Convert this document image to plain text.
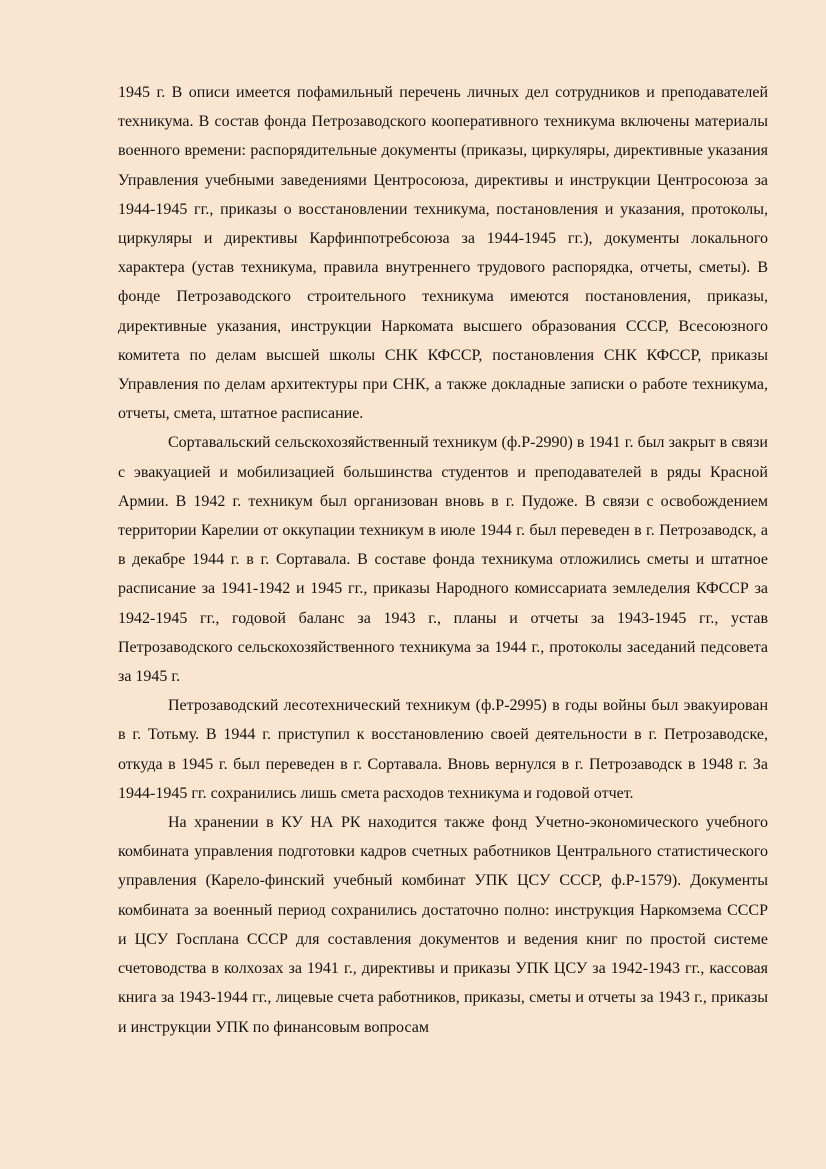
1945 г. В описи имеется пофамильный перечень личных дел сотрудников и преподавателей техникума. В состав фонда Петрозаводского кооперативного техникума включены материалы военного времени: распорядительные документы (приказы, циркуляры, директивные указания Управления учебными заведениями Центросоюза, директивы и инструкции Центросоюза за 1944-1945 гг., приказы о восстановлении техникума, постановления и указания, протоколы, циркуляры и директивы Карфинпотребсоюза за 1944-1945 гг.), документы локального характера (устав техникума, правила внутреннего трудового распорядка, отчеты, сметы). В фонде Петрозаводского строительного техникума имеются постановления, приказы, директивные указания, инструкции Наркомата высшего образования СССР, Всесоюзного комитета по делам высшей школы СНК КФССР, постановления СНК КФССР, приказы Управления по делам архитектуры при СНК, а также докладные записки о работе техникума, отчеты, смета, штатное расписание.

Сортавальский сельскохозяйственный техникум (ф.Р-2990) в 1941 г. был закрыт в связи с эвакуацией и мобилизацией большинства студентов и преподавателей в ряды Красной Армии. В 1942 г. техникум был организован вновь в г. Пудоже. В связи с освобождением территории Карелии от оккупации техникум в июле 1944 г. был переведен в г. Петрозаводск, а в декабре 1944 г. в г. Сортавала. В составе фонда техникума отложились сметы и штатное расписание за 1941-1942 и 1945 гг., приказы Народного комиссариата земледелия КФССР за 1942-1945 гг., годовой баланс за 1943 г., планы и отчеты за 1943-1945 гг., устав Петрозаводского сельскохозяйственного техникума за 1944 г., протоколы заседаний педсовета за 1945 г.

Петрозаводский лесотехнический техникум (ф.Р-2995) в годы войны был эвакуирован в г. Тотьму. В 1944 г. приступил к восстановлению своей деятельности в г. Петрозаводске, откуда в 1945 г. был переведен в г. Сортавала. Вновь вернулся в г. Петрозаводск в 1948 г. За 1944-1945 гг. сохранились лишь смета расходов техникума и годовой отчет.

На хранении в КУ НА РК находится также фонд Учетно-экономического учебного комбината управления подготовки кадров счетных работников Центрального статистического управления (Карело-финский учебный комбинат УПК ЦСУ СССР, ф.Р-1579). Документы комбината за военный период сохранились достаточно полно: инструкция Наркомзема СССР и ЦСУ Госплана СССР для составления документов и ведения книг по простой системе счетоводства в колхозах за 1941 г., директивы и приказы УПК ЦСУ за 1942-1943 гг., кассовая книга за 1943-1944 гг., лицевые счета работников, приказы, сметы и отчеты за 1943 г., приказы и инструкции УПК по финансовым вопросам
